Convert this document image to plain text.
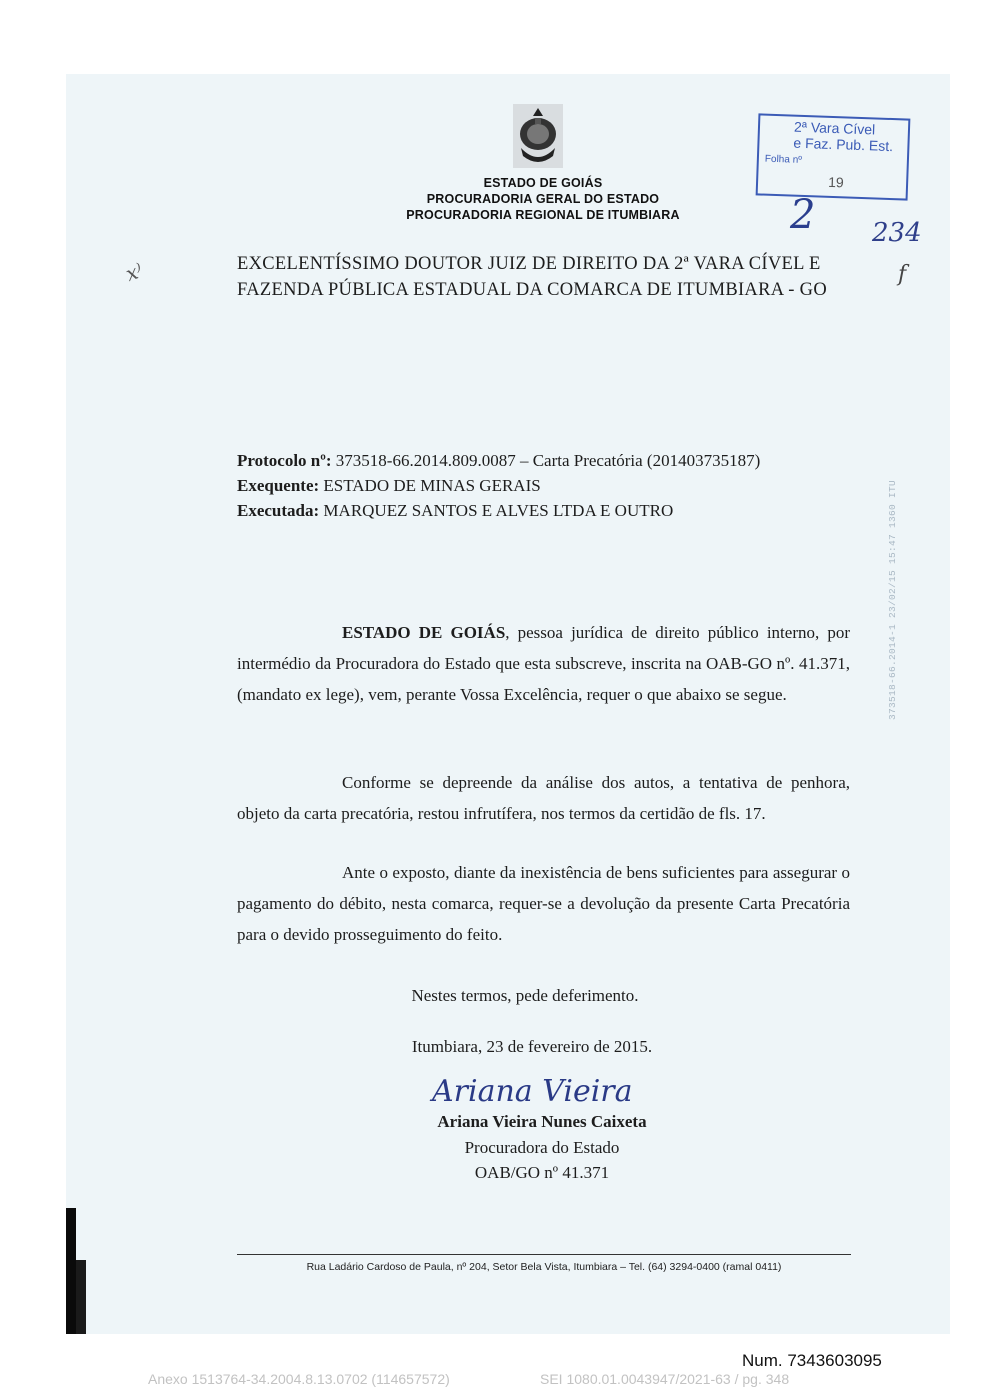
ESTADO DE GOIÁS
PROCURADORIA GERAL DO ESTADO
PROCURADORIA REGIONAL DE ITUMBIARA
2ª Vara Cível
e Faz. Pub. Est.
Folha nº
19
2 234
f
x⁾	EXCELENTÍSSIMO DOUTOR JUIZ DE DIREITO DA 2ª VARA CÍVEL E
FAZENDA PÚBLICA ESTADUAL DA COMARCA DE ITUMBIARA - GO
Protocolo nº: 373518-66.2014.809.0087 – Carta Precatória (201403735187)
Exequente: ESTADO DE MINAS GERAIS
Executada: MARQUEZ SANTOS E ALVES LTDA E OUTRO
ESTADO DE GOIÁS, pessoa jurídica de direito público interno, por intermédio da Procuradora do Estado que esta subscreve, inscrita na OAB-GO nº. 41.371, (mandato ex lege), vem, perante Vossa Excelência, requer o que abaixo se segue.
Conforme se depreende da análise dos autos, a tentativa de penhora, objeto da carta precatória, restou infrutífera, nos termos da certidão de fls. 17.
Ante o exposto, diante da inexistência de bens suficientes para assegurar o pagamento do débito, nesta comarca, requer-se a devolução da presente Carta Precatória para o devido prosseguimento do feito.
Nestes termos, pede deferimento.
Itumbiara, 23 de fevereiro de 2015.
Ariana Vieira
Ariana Vieira Nunes Caixeta
Procuradora do Estado
OAB/GO nº 41.371
373518-66.2014-1 23/02/15 15:47 1360 ITU
Rua Ladário Cardoso de Paula, nº 204, Setor Bela Vista, Itumbiara – Tel. (64) 3294-0400 (ramal 0411)
Num. 7343603095
Anexo 1513764-34.2004.8.13.0702 (114657572)	SEI 1080.01.0043947/2021-63 / pg. 348
